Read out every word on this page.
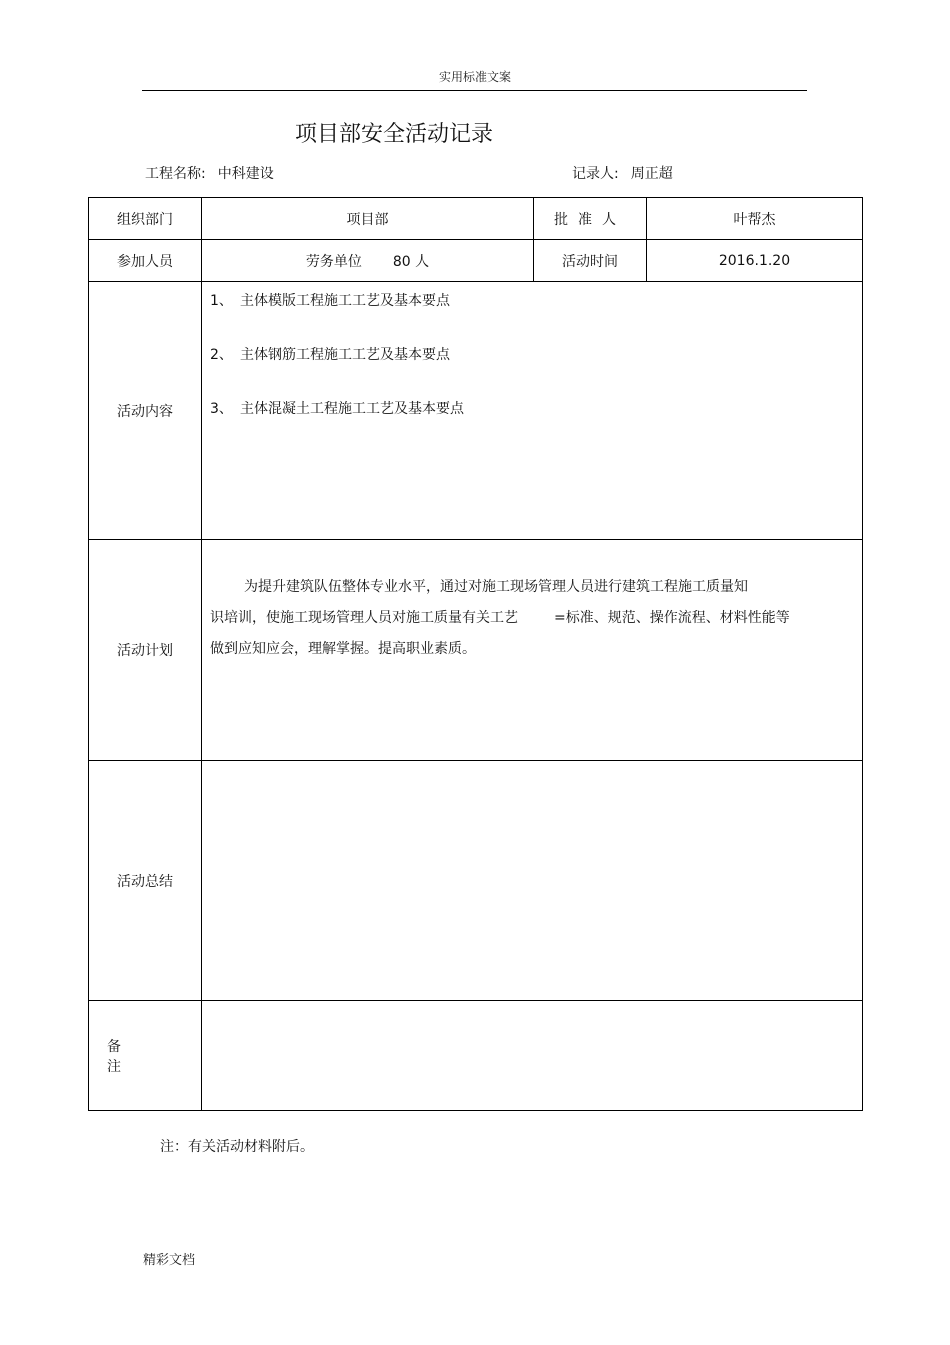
实用标准文案
项目部安全活动记录
工程名称: 中科建设	记录人: 周正超
组织部门	项目部	批准人	叶帮杰
参加人员	劳务单位 80 人	活动时间	2016.1.20
活动内容	1、 主体模版工程施工工艺及基本要点
2、 主体钢筋工程施工工艺及基本要点
3、 主体混凝土工程施工工艺及基本要点		

活动计划	为提升建筑队伍整体专业水平，通过对施工现场管理人员进行建筑工程施工质量知
识培训，使施工现场管理人员对施工质量有关工艺 =标准、规范、操作流程、材料性能等
做到应知应会，理解掌握。提高职业素质。		

活动总结			
备注			
注：有关活动材料附后。
精彩文档
